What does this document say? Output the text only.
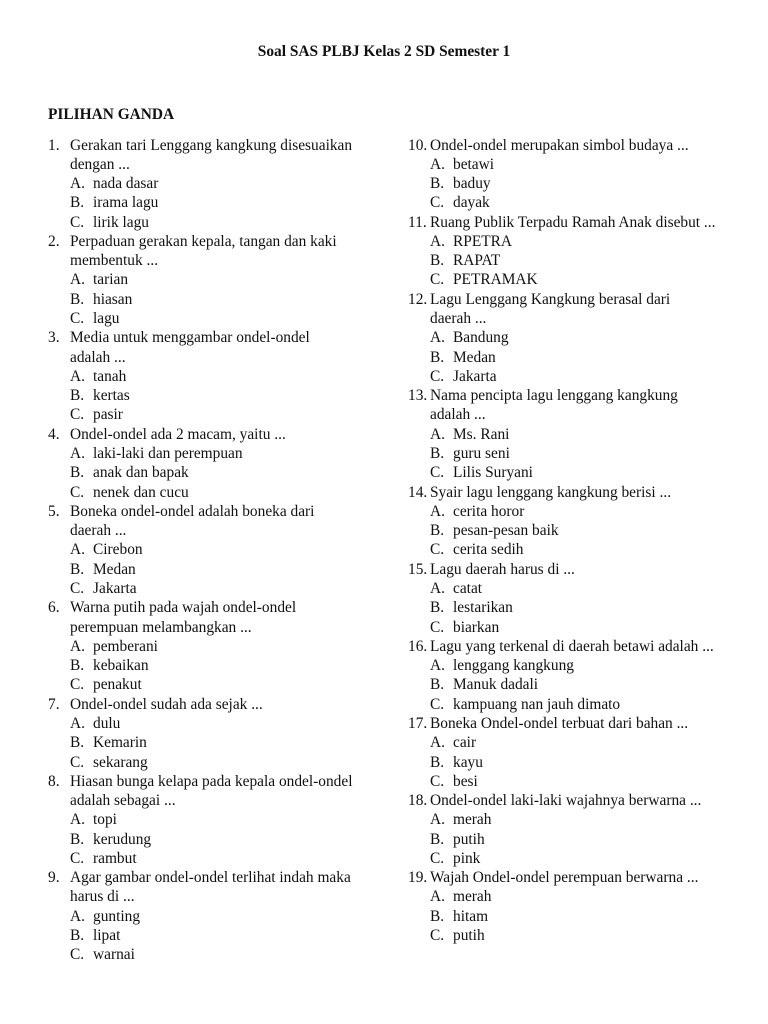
Soal SAS PLBJ Kelas 2 SD Semester 1
PILIHAN GANDA
1. Gerakan tari Lenggang kangkung disesuaikan
dengan ...
A. nada dasar
B. irama lagu
C. lirik lagu
2. Perpaduan gerakan kepala, tangan dan kaki
membentuk ...
A. tarian
B. hiasan
C. lagu
3. Media untuk menggambar ondel-ondel
adalah ...
A. tanah
B. kertas
C. pasir
4. Ondel-ondel ada 2 macam, yaitu ...
A. laki-laki dan perempuan
B. anak dan bapak
C. nenek dan cucu
5. Boneka ondel-ondel adalah boneka dari
daerah ...
A. Cirebon
B. Medan
C. Jakarta
6. Warna putih pada wajah ondel-ondel
perempuan melambangkan ...
A. pemberani
B. kebaikan
C. penakut
7. Ondel-ondel sudah ada sejak ...
A. dulu
B. Kemarin
C. sekarang
8. Hiasan bunga kelapa pada kepala ondel-ondel
adalah sebagai ...
A. topi
B. kerudung
C. rambut
9. Agar gambar ondel-ondel terlihat indah maka
harus di ...
A. gunting
B. lipat
C. warnai
10. Ondel-ondel merupakan simbol budaya ...
A. betawi
B. baduy
C. dayak
11. Ruang Publik Terpadu Ramah Anak disebut ...
A. RPETRA
B. RAPAT
C. PETRAMAK
12. Lagu Lenggang Kangkung berasal dari
daerah ...
A. Bandung
B. Medan
C. Jakarta
13. Nama pencipta lagu lenggang kangkung
adalah ...
A. Ms. Rani
B. guru seni
C. Lilis Suryani
14. Syair lagu lenggang kangkung berisi ...
A. cerita horor
B. pesan-pesan baik
C. cerita sedih
15. Lagu daerah harus di ...
A. catat
B. lestarikan
C. biarkan
16. Lagu yang terkenal di daerah betawi adalah ...
A. lenggang kangkung
B. Manuk dadali
C. kampuang nan jauh dimato
17. Boneka Ondel-ondel terbuat dari bahan ...
A. cair
B. kayu
C. besi
18. Ondel-ondel laki-laki wajahnya berwarna ...
A. merah
B. putih
C. pink
19. Wajah Ondel-ondel perempuan berwarna ...
A. merah
B. hitam
C. putih
